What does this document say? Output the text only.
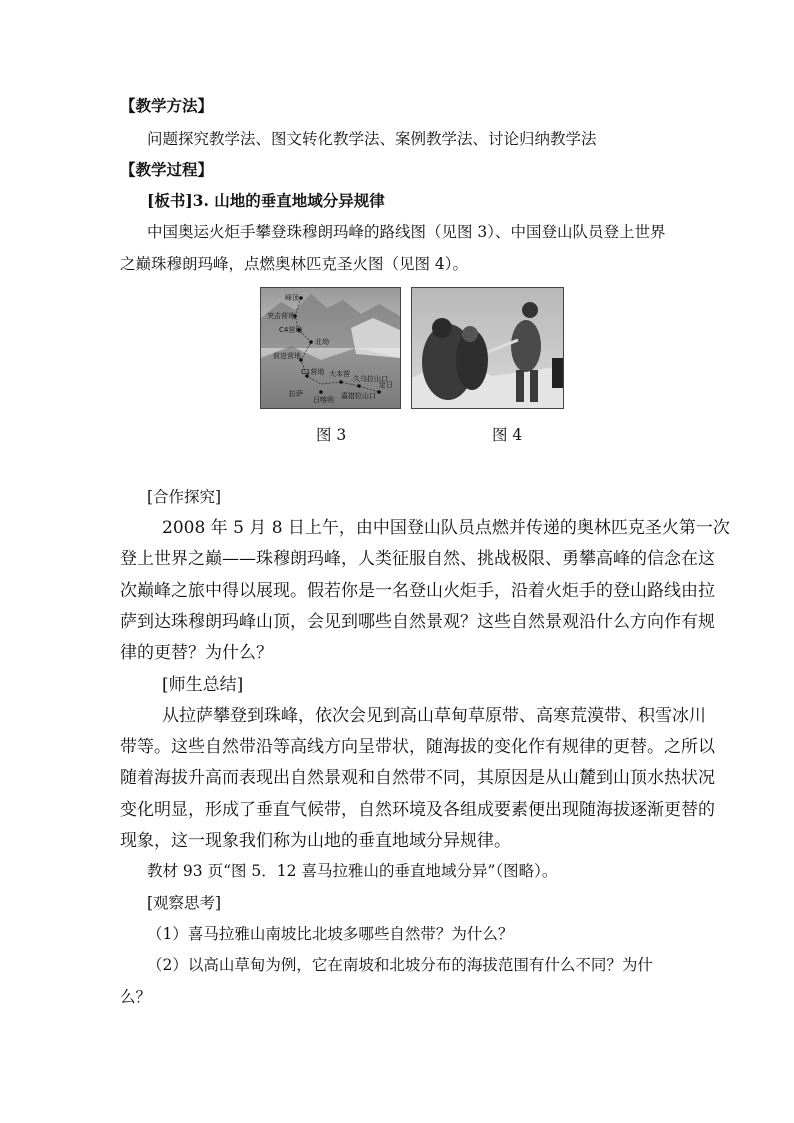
【教学方法】
问题探究教学法、图文转化教学法、案例教学法、讨论归纳教学法
【教学过程】
[板书]3. 山地的垂直地域分异规律
中国奥运火炬手攀登珠穆朗玛峰的路线图（见图 3）、中国登山队员登上世界
之巅珠穆朗玛峰，点燃奥林匹克圣火图（见图 4）。
峰顶
突击营地
C4营地
北坳
前进营地
C1营地 大本营
久乌拉山口
定日
拉萨
日喀则 嘉措拉山口
图 3	图 4
[合作探究]
2008 年 5 月 8 日上午，由中国登山队员点燃并传递的奥林匹克圣火第一次
登上世界之巅——珠穆朗玛峰，人类征服自然、挑战极限、勇攀高峰的信念在这
次巅峰之旅中得以展现。假若你是一名登山火炬手，沿着火炬手的登山路线由拉
萨到达珠穆朗玛峰山顶，会见到哪些自然景观？这些自然景观沿什么方向作有规
律的更替？为什么？
[师生总结]
从拉萨攀登到珠峰，依次会见到高山草甸草原带、高寒荒漠带、积雪冰川
带等。这些自然带沿等高线方向呈带状，随海拔的变化作有规律的更替。之所以
随着海拔升高而表现出自然景观和自然带不同，其原因是从山麓到山顶水热状况
变化明显，形成了垂直气候带，自然环境及各组成要素便出现随海拔逐渐更替的
现象，这一现象我们称为山地的垂直地域分异规律。
教材 93 页“图 5．12 喜马拉雅山的垂直地域分异”（图略）。
[观察思考]
（1）喜马拉雅山南坡比北坡多哪些自然带？为什么？
（2）以高山草甸为例，它在南坡和北坡分布的海拔范围有什么不同？为什
么？
